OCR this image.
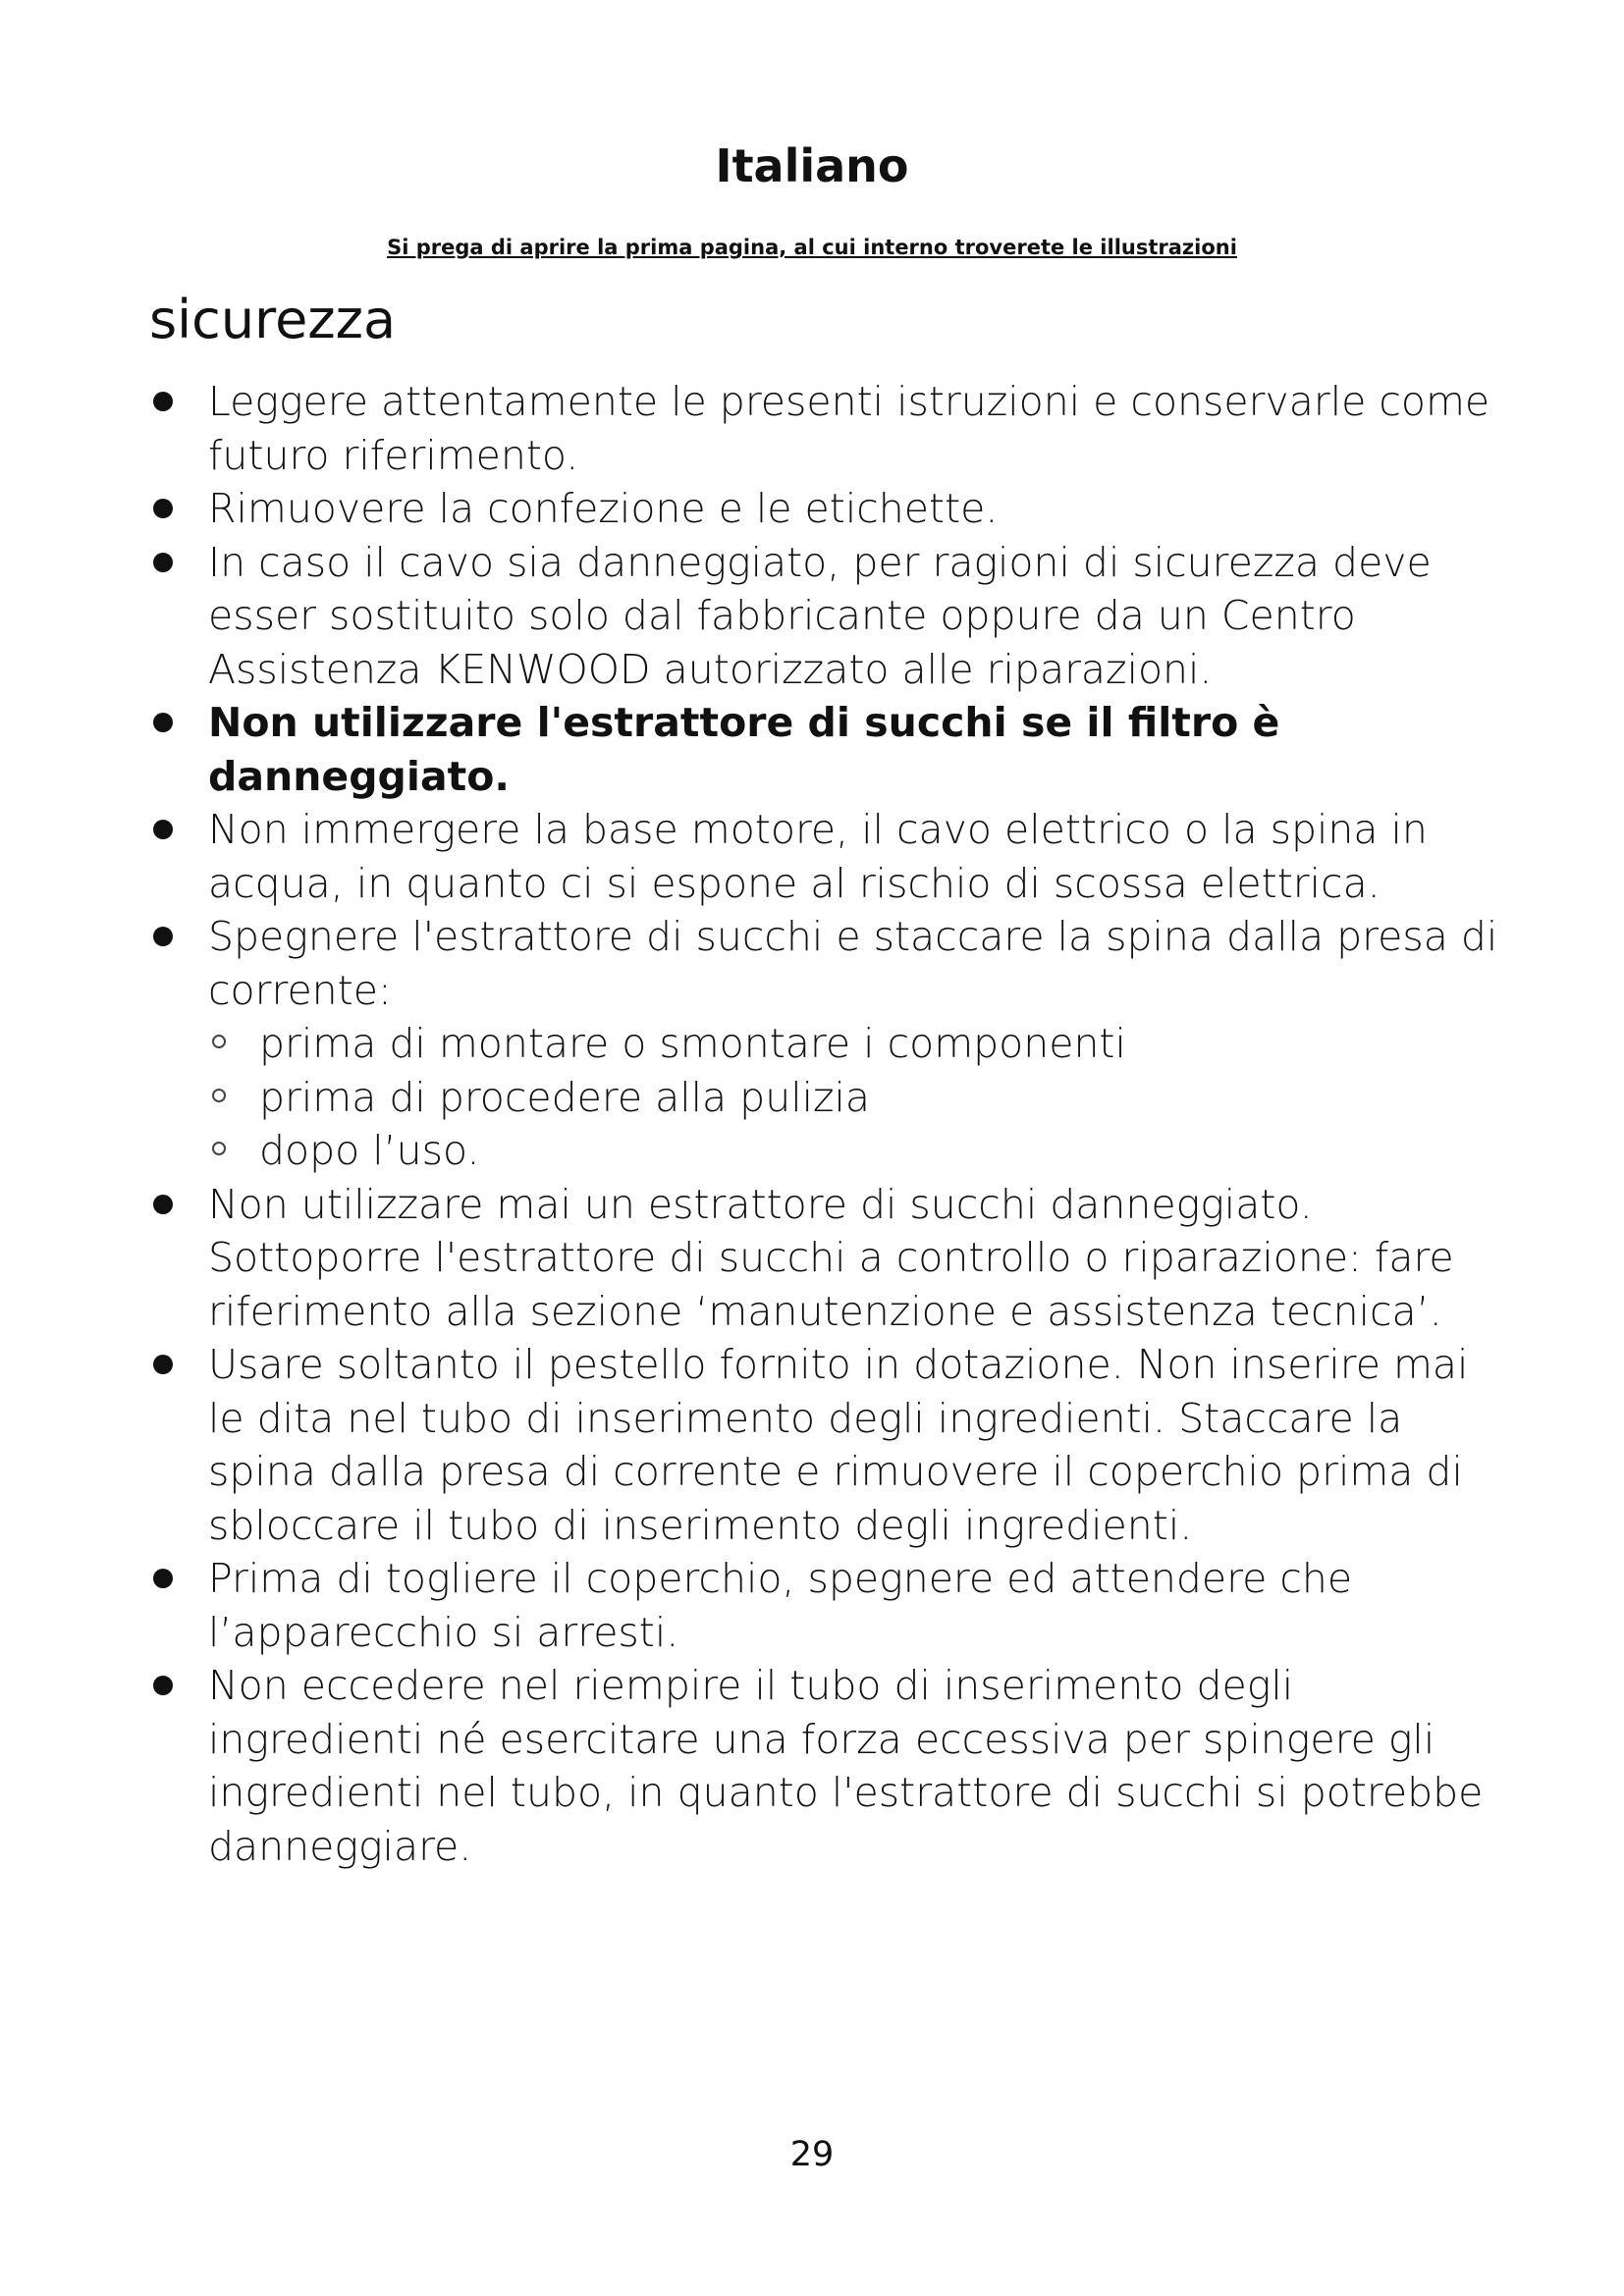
Italiano

Si prega di aprire la prima pagina, al cui interno troverete le illustrazioni

sicurezza
Leggere attentamente le presenti istruzioni e conservarle come futuro riferimento.
Rimuovere la confezione e le etichette.
In caso il cavo sia danneggiato, per ragioni di sicurezza deve esser sostituito solo dal fabbricante oppure da un Centro Assistenza KENWOOD autorizzato alle riparazioni.
Non utilizzare l'estrattore di succhi se il filtro è danneggiato.
Non immergere la base motore, il cavo elettrico o la spina in acqua, in quanto ci si espone al rischio di scossa elettrica.
Spegnere l'estrattore di succhi e staccare la spina dalla presa di corrente:
prima di montare o smontare i componenti
prima di procedere alla pulizia
dopo l’uso.
Non utilizzare mai un estrattore di succhi danneggiato. Sottoporre l'estrattore di succhi a controllo o riparazione: fare riferimento alla sezione ‘manutenzione e assistenza tecnica’.
Usare soltanto il pestello fornito in dotazione. Non inserire mai le dita nel tubo di inserimento degli ingredienti. Staccare la spina dalla presa di corrente e rimuovere il coperchio prima di sbloccare il tubo di inserimento degli ingredienti.
Prima di togliere il coperchio, spegnere ed attendere che l’apparecchio si arresti.
Non eccedere nel riempire il tubo di inserimento degli ingredienti né esercitare una forza eccessiva per spingere gli ingredienti nel tubo, in quanto l'estrattore di succhi si potrebbe danneggiare.
29
